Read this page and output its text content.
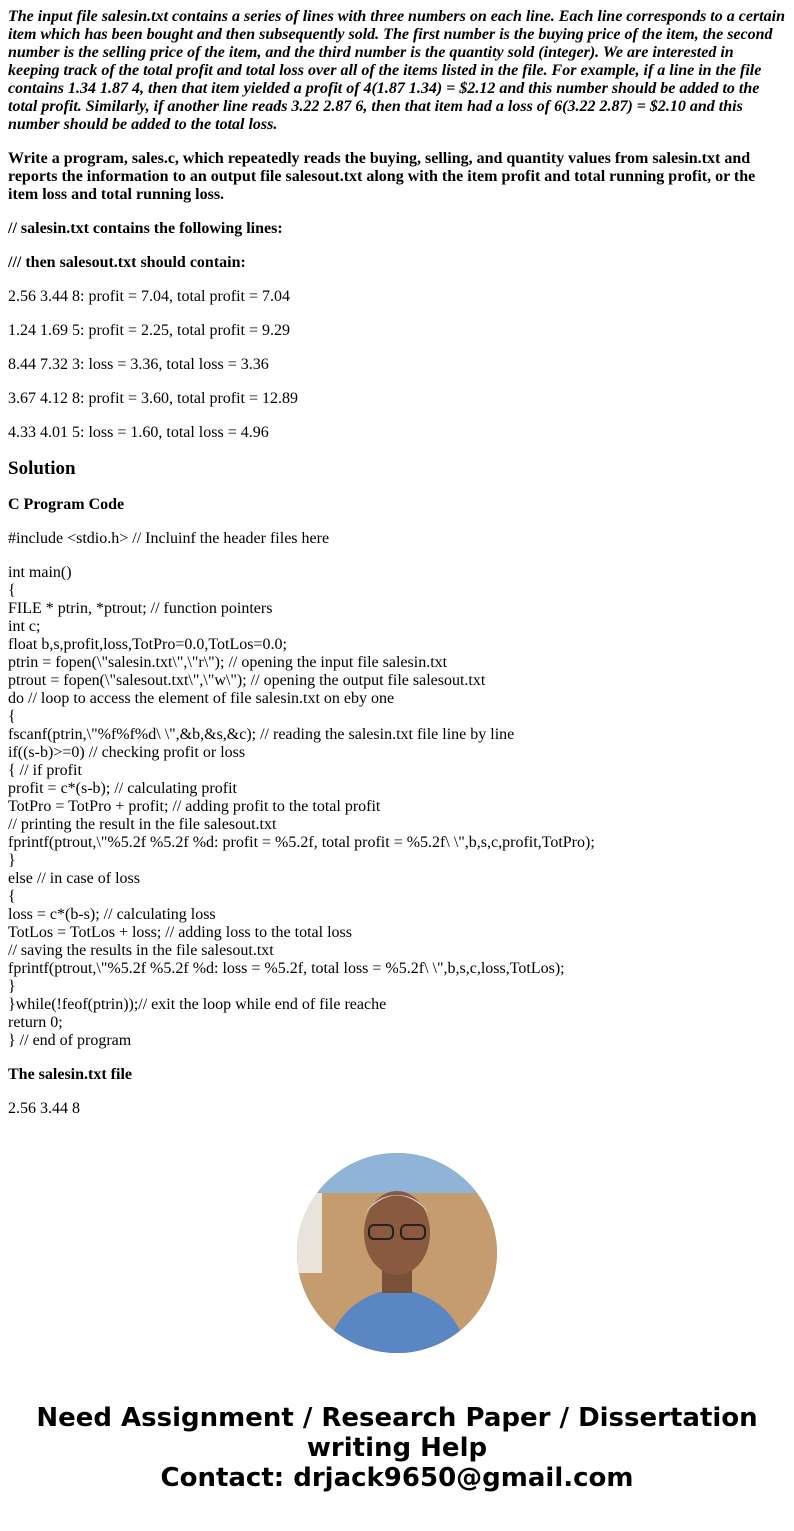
The input file salesin.txt contains a series of lines with three numbers on each line. Each line corresponds to a certain item which has been bought and then subsequently sold. The first number is the buying price of the item, the second number is the selling price of the item, and the third number is the quantity sold (integer). We are interested in keeping track of the total profit and total loss over all of the items listed in the file. For example, if a line in the file contains 1.34 1.87 4, then that item yielded a profit of 4(1.87 1.34) = $2.12 and this number should be added to the total profit. Similarly, if another line reads 3.22 2.87 6, then that item had a loss of 6(3.22 2.87) = $2.10 and this number should be added to the total loss.

Write a program, sales.c, which repeatedly reads the buying, selling, and quantity values from salesin.txt and reports the information to an output file salesout.txt along with the item profit and total running profit, or the item loss and total running loss.

// salesin.txt contains the following lines:

/// then salesout.txt should contain:

2.56 3.44 8: profit = 7.04, total profit = 7.04

1.24 1.69 5: profit = 2.25, total profit = 9.29

8.44 7.32 3: loss = 3.36, total loss = 3.36

3.67 4.12 8: profit = 3.60, total profit = 12.89

4.33 4.01 5: loss = 1.60, total loss = 4.96

Solution

C Program Code

#include <stdio.h> // Incluinf the header files here

int main()
{
FILE * ptrin, *ptrout; // function pointers
int c;
float b,s,profit,loss,TotPro=0.0,TotLos=0.0;
ptrin = fopen(\"salesin.txt\",\"r\"); // opening the input file salesin.txt
ptrout = fopen(\"salesout.txt\",\"w\"); // opening the output file salesout.txt
do // loop to access the element of file salesin.txt on eby one
{
fscanf(ptrin,\"%f%f%d\ \",&b,&s,&c); // reading the salesin.txt file line by line
if((s-b)>=0) // checking profit or loss
{ // if profit
profit = c*(s-b); // calculating profit
TotPro = TotPro + profit; // adding profit to the total profit
// printing the result in the file salesout.txt
fprintf(ptrout,\"%5.2f %5.2f %d: profit = %5.2f, total profit = %5.2f\ \",b,s,c,profit,TotPro);
}
else // in case of loss
{
loss = c*(b-s); // calculating loss
TotLos = TotLos + loss; // adding loss to the total loss
// saving the results in the file salesout.txt
fprintf(ptrout,\"%5.2f %5.2f %d: loss = %5.2f, total loss = %5.2f\ \",b,s,c,loss,TotLos);
}
}while(!feof(ptrin));// exit the loop while end of file reache
return 0;
} // end of program

The salesin.txt file

2.56 3.44 8

Need Assignment / Research Paper / Dissertation
writing Help
Contact: drjack9650@gmail.com
